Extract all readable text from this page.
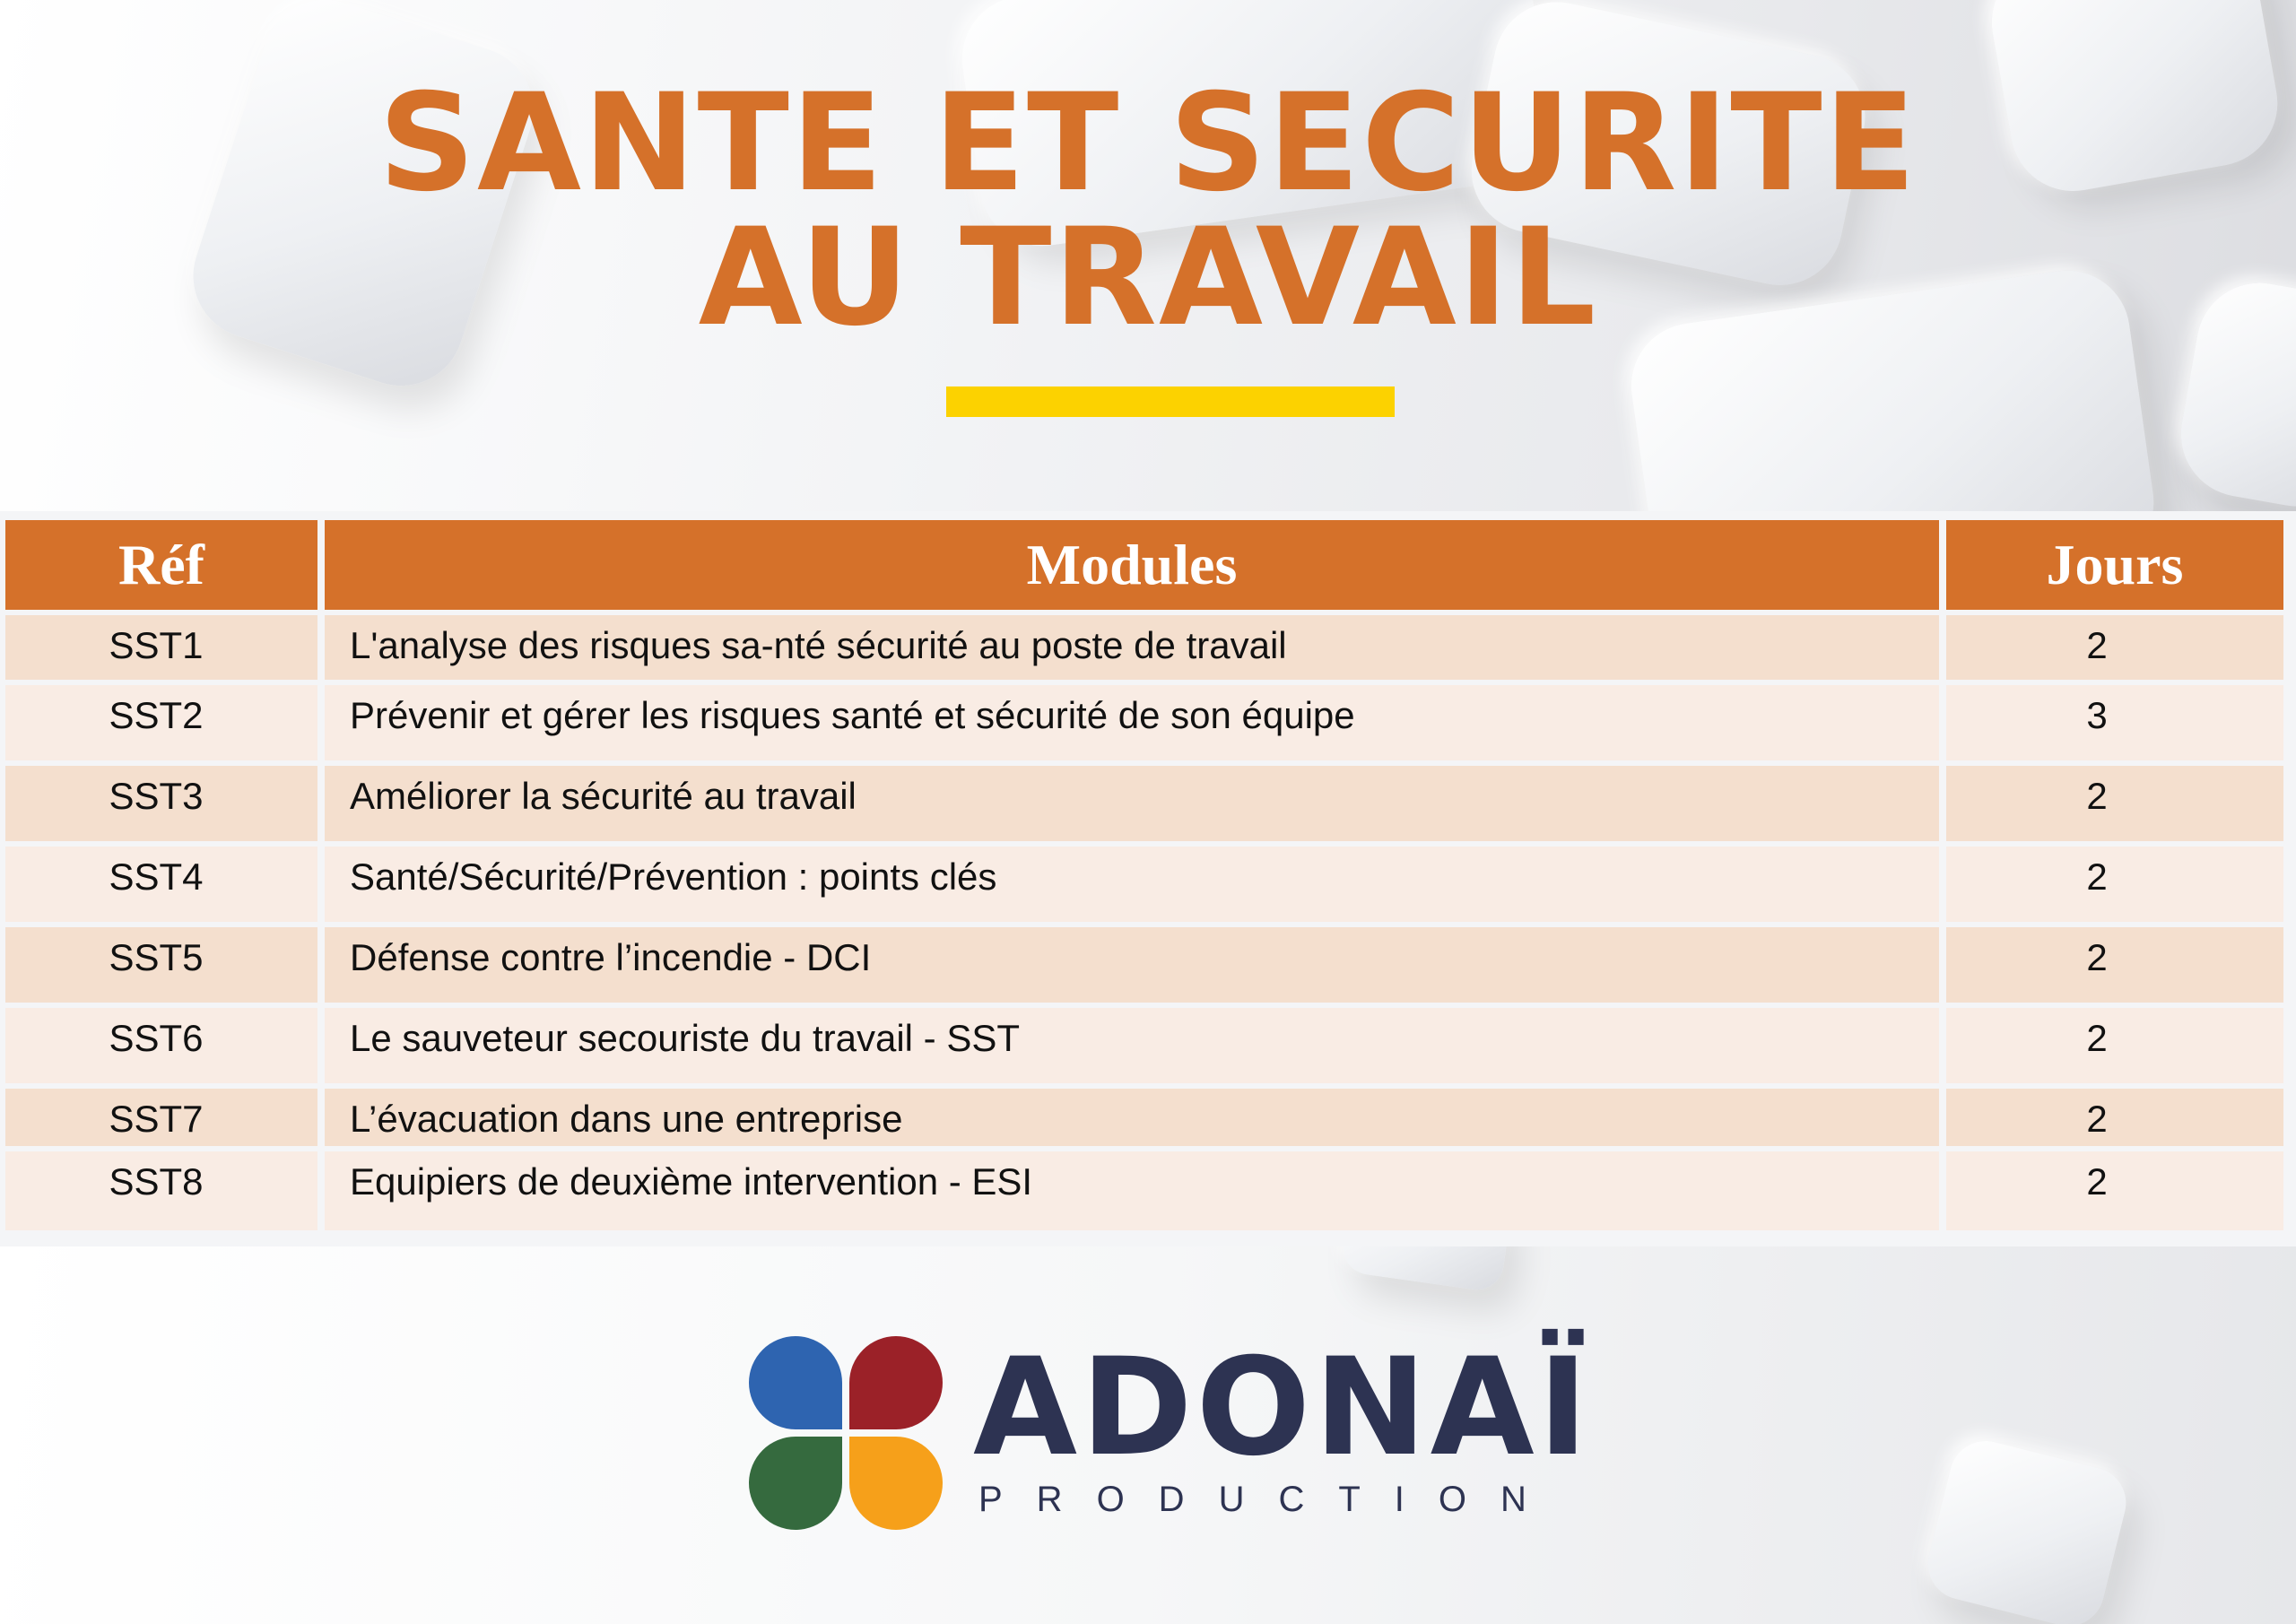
SANTE ET SECURITE
AU TRAVAIL
Réf	Modules	Jours
SST1	L'analyse des risques sa-nté sécurité au poste de travail	2
SST2	Prévenir et gérer les risques santé et sécurité de son équipe	3
SST3	Améliorer la sécurité au travail	2
SST4	Santé/Sécurité/Prévention : points clés	2
SST5	Défense contre l’incendie - DCI	2
SST6	Le sauveteur secouriste du travail - SST	2
SST7	L’évacuation dans une entreprise	2
SST8	Equipiers de deuxième intervention - ESI	2
ADONAÏ
PRODUCTION
